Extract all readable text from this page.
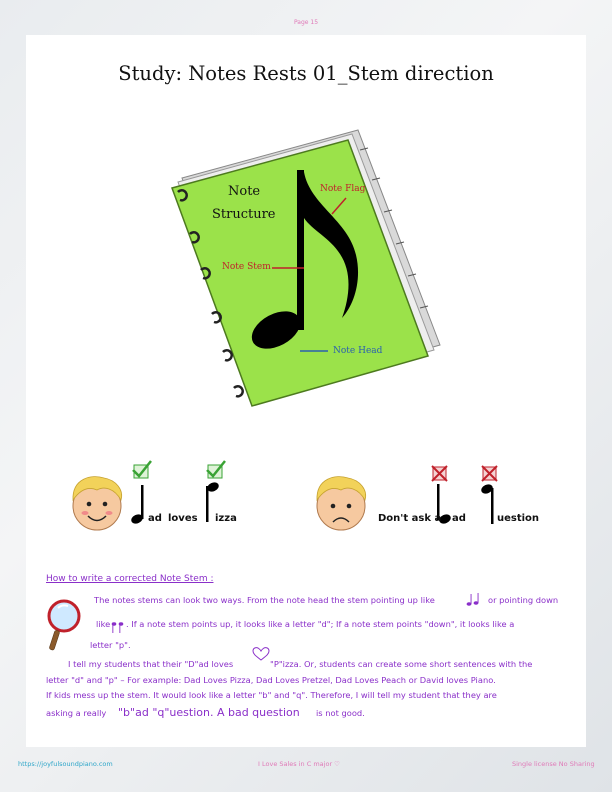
Page 15
Study: Notes Rests 01_Stem direction
Note
Structure
Note Flag
Note Stem
Note Head
ad loves izza	Don't ask a ad	uestion
How to write a corrected Note Stem :
The notes stems can look two ways. From the note head the stem pointing up like	or pointing down
like . If a note stem points up, it looks like a letter "d"; If a note stem points "down", it looks like a
letter "p".
I tell my students that their "D"ad loves	"P"izza. Or, students can create some short sentences with the
letter "d" and "p" – For example: Dad Loves Pizza, Dad Loves Pretzel, Dad Loves Peach or David loves Piano.
If kids mess up the stem. It would look like a letter "b" and "q". Therefore, I will tell my student that they are
asking a really "b"ad "q"uestion. A bad question is not good.
https://joyfulsoundpiano.com	I Love Sales in C major ♡	Single license No Sharing
